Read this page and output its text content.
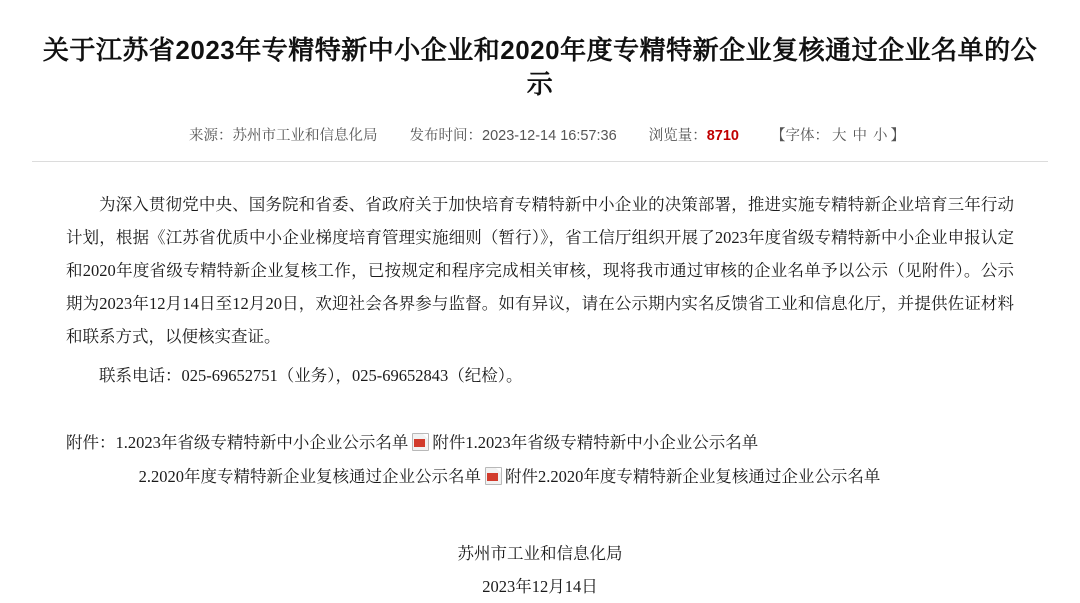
关于江苏省2023年专精特新中小企业和2020年度专精特新企业复核通过企业名单的公示
来源：苏州市工业和信息化局 发布时间：2023-12-14 16:57:36 浏览量：8710 【字体： 大 中 小 】

为深入贯彻党中央、国务院和省委、省政府关于加快培育专精特新中小企业的决策部署，推进实施专精特新企业培育三年行动计划，根据《江苏省优质中小企业梯度培育管理实施细则（暂行）》，省工信厅组织开展了2023年度省级专精特新中小企业申报认定和2020年度省级专精特新企业复核工作，已按规定和程序完成相关审核，现将我市通过审核的企业名单予以公示（见附件）。公示期为2023年12月14日至12月20日，欢迎社会各界参与监督。如有异议，请在公示期内实名反馈省工业和信息化厅，并提供佐证材料和联系方式，以便核实查证。

联系电话：025-69652751（业务），025-69652843（纪检）。

附件：1.2023年省级专精特新中小企业公示名单 附件1.2023年省级专精特新中小企业公示名单
2.2020年度专精特新企业复核通过企业公示名单 附件2.2020年度专精特新企业复核通过企业公示名单
苏州市工业和信息化局
2023年12月14日
